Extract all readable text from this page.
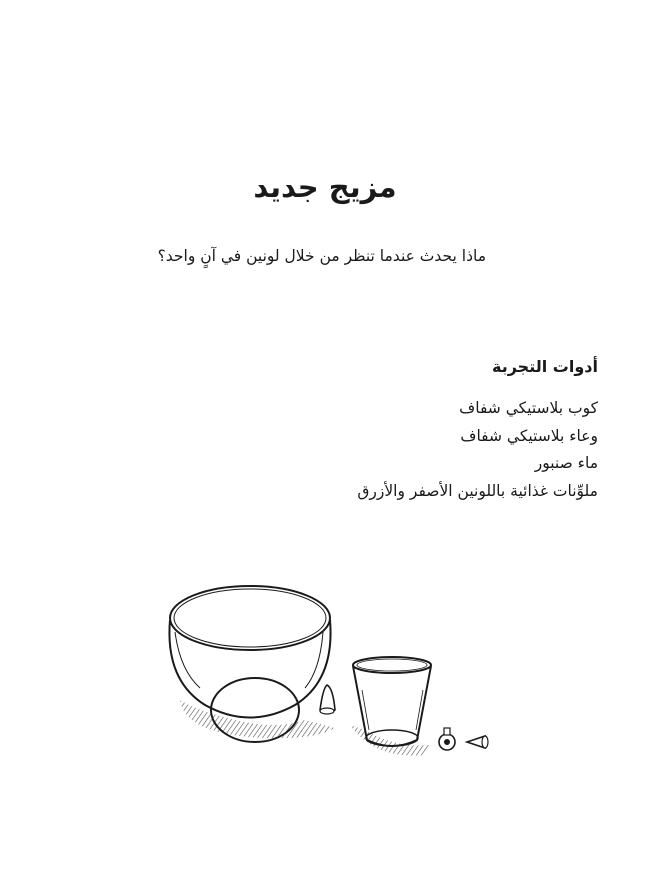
مزيج جديد

ماذا يحدث عندما تنظر من خلال لونين في آنٍ واحد؟

أدوات التجربة
كوب بلاستيكي شفاف
وعاء بلاستيكي شفاف
ماء صنبور
ملوِّنات غذائية باللونين الأصفر والأزرق
